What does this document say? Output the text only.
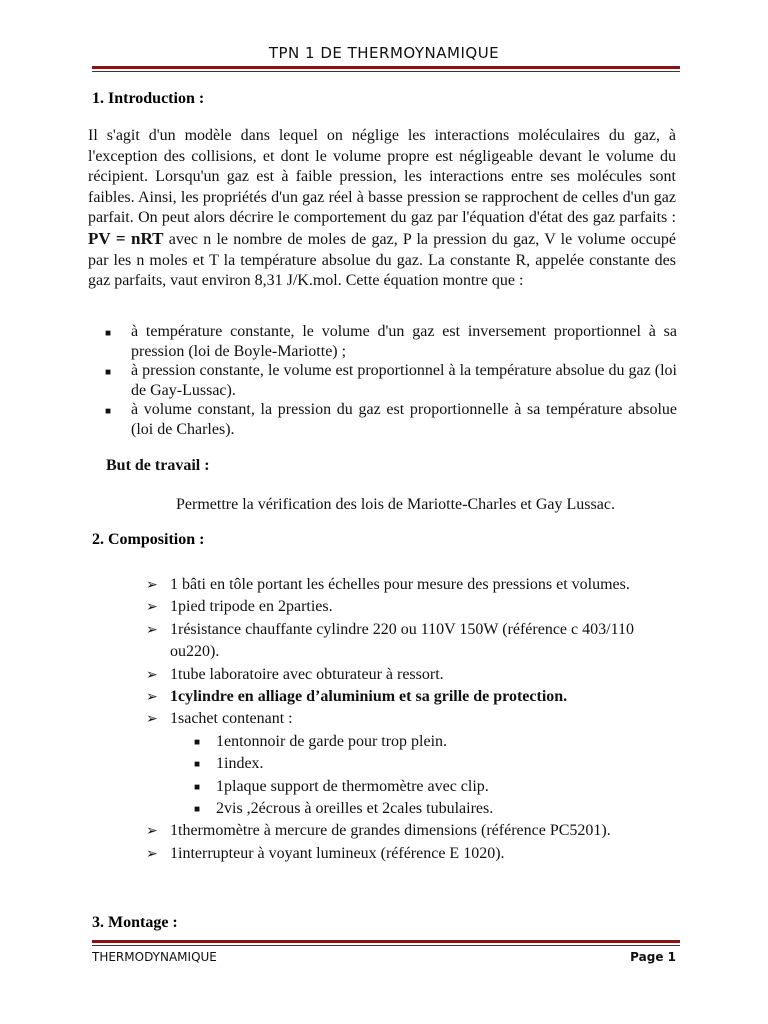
TPN 1 DE THERMOYNAMIQUE
1. Introduction :
Il s'agit d'un modèle dans lequel on néglige les interactions moléculaires du gaz, à l'exception des collisions, et dont le volume propre est négligeable devant le volume du récipient. Lorsqu'un gaz est à faible pression, les interactions entre ses molécules sont faibles. Ainsi, les propriétés d'un gaz réel à basse pression se rapprochent de celles d'un gaz parfait. On peut alors décrire le comportement du gaz par l'équation d'état des gaz parfaits : PV = nRT avec n le nombre de moles de gaz, P la pression du gaz, V le volume occupé par les n moles et T la température absolue du gaz. La constante R, appelée constante des gaz parfaits, vaut environ 8,31 J/K.mol. Cette équation montre que :
■ à température constante, le volume d'un gaz est inversement proportionnel à sa pression (loi de Boyle-Mariotte) ;
■ à pression constante, le volume est proportionnel à la température absolue du gaz (loi de Gay-Lussac).
■ à volume constant, la pression du gaz est proportionnelle à sa température absolue (loi de Charles).
But de travail :
Permettre la vérification des lois de Mariotte-Charles et Gay Lussac.
2. Composition :
➢ 1 bâti en tôle portant les échelles pour mesure des pressions et volumes.
➢ 1pied tripode en 2parties.
➢ 1résistance chauffante cylindre 220 ou 110V 150W (référence c 403/110 ou220).
➢ 1tube laboratoire avec obturateur à ressort.
➢ 1cylindre en alliage d’aluminium et sa grille de protection.
➢ 1sachet contenant :
■ 1entonnoir de garde pour trop plein.
■ 1index.
■ 1plaque support de thermomètre avec clip.
■ 2vis ,2écrous à oreilles et 2cales tubulaires.
➢ 1thermomètre à mercure de grandes dimensions (référence PC5201).
➢ 1interrupteur à voyant lumineux (référence E 1020).
3. Montage :
THERMODYNAMIQUE	Page 1
